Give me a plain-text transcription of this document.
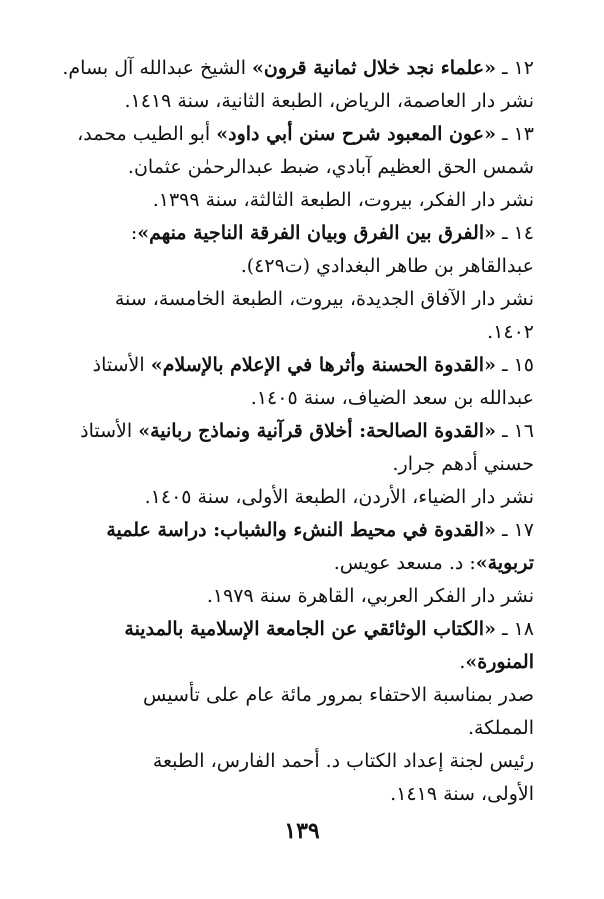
١٢ ـ«علماء نجد خلال ثمانية قرون» الشيخ عبدالله آل بسام.
نشر دار العاصمة، الرياض، الطبعة الثانية، سنة ١٤١٩.
١٣ ـ«عون المعبود شرح سنن أبي داود» أبو الطيب محمد،
شمس الحق العظيم آبادي، ضبط عبدالرحمٰن عثمان.
نشر دار الفكر، بيروت، الطبعة الثالثة، سنة ١٣٩٩.
١٤ ـ«الفرق بين الفرق وبيان الفرقة الناجية منهم»:
عبدالقاهر بن طاهر البغدادي (ت٤٢٩).
نشر دار الآفاق الجديدة، بيروت، الطبعة الخامسة، سنة
١٤٠٢.
١٥ ـ«القدوة الحسنة وأثرها في الإعلام بالإسلام» الأستاذ
عبدالله بن سعد الضياف، سنة ١٤٠٥.
١٦ ـ«القدوة الصالحة: أخلاق قرآنية ونماذج ربانية» الأستاذ
حسني أدهم جرار.
نشر دار الضياء، الأردن، الطبعة الأولى، سنة ١٤٠٥.
١٧ ـ«القدوة في محيط النشء والشباب: دراسة علمية
تربوية»: د. مسعد عويس.
نشر دار الفكر العربي، القاهرة سنة ١٩٧٩.
١٨ ـ«الكتاب الوثائقي عن الجامعة الإسلامية بالمدينة
المنورة».
صدر بمناسبة الاحتفاء بمرور مائة عام على تأسيس
المملكة.
رئيس لجنة إعداد الكتاب د. أحمد الفارس، الطبعة
الأولى، سنة ١٤١٩.
١٣٩
